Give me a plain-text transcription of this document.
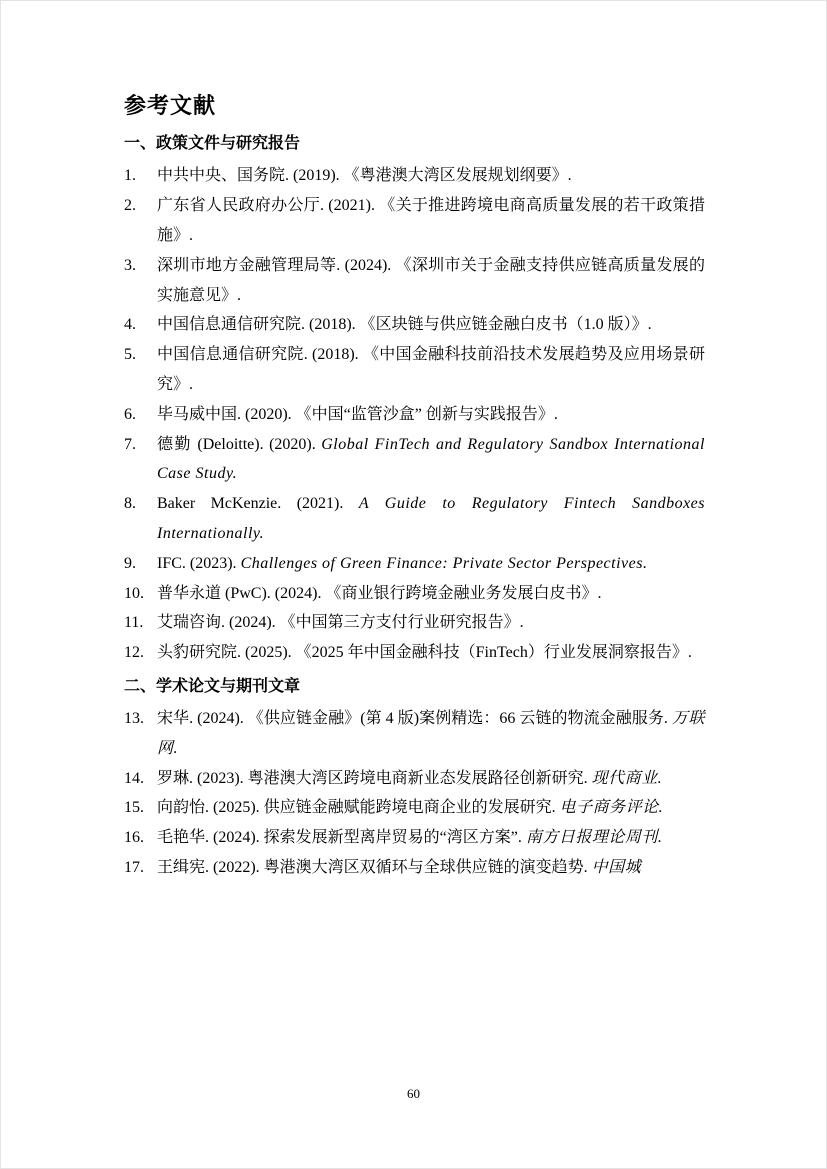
参考文献
一、政策文件与研究报告

1.	中共中央、国务院. (2019). 《粤港澳大湾区发展规划纲要》.

2.	广东省人民政府办公厅. (2021). 《关于推进跨境电商高质量发展的若干政策措施》.

3.	深圳市地方金融管理局等. (2024). 《深圳市关于金融支持供应链高质量发展的实施意见》.

4.	中国信息通信研究院. (2018). 《区块链与供应链金融白皮书（1.0 版）》.

5.	中国信息通信研究院. (2018). 《中国金融科技前沿技术发展趋势及应用场景研究》.

6.	毕马威中国. (2020). 《中国“监管沙盒” 创新与实践报告》.

7.	德勤 (Deloitte). (2020). Global FinTech and Regulatory Sandbox International Case Study.

8.	Baker McKenzie. (2021). A Guide to Regulatory Fintech Sandboxes Internationally.

9.	IFC. (2023). Challenges of Green Finance: Private Sector Perspectives.

10. 普华永道 (PwC). (2024). 《商业银行跨境金融业务发展白皮书》.

11. 艾瑞咨询. (2024). 《中国第三方支付行业研究报告》.

12. 头豹研究院. (2025). 《2025 年中国金融科技（FinTech）行业发展洞察报告》.

二、学术论文与期刊文章

13. 宋华. (2024). 《供应链金融》(第 4 版)案例精选：66 云链的物流金融服务. 万联网.

14. 罗琳. (2023). 粤港澳大湾区跨境电商新业态发展路径创新研究. 现代商业.

15. 向韵怡. (2025). 供应链金融赋能跨境电商企业的发展研究. 电子商务评论.

16. 毛艳华. (2024). 探索发展新型离岸贸易的“湾区方案”. 南方日报理论周刊.

17. 王缉宪. (2022). 粤港澳大湾区双循环与全球供应链的演变趋势. 中国城

60
